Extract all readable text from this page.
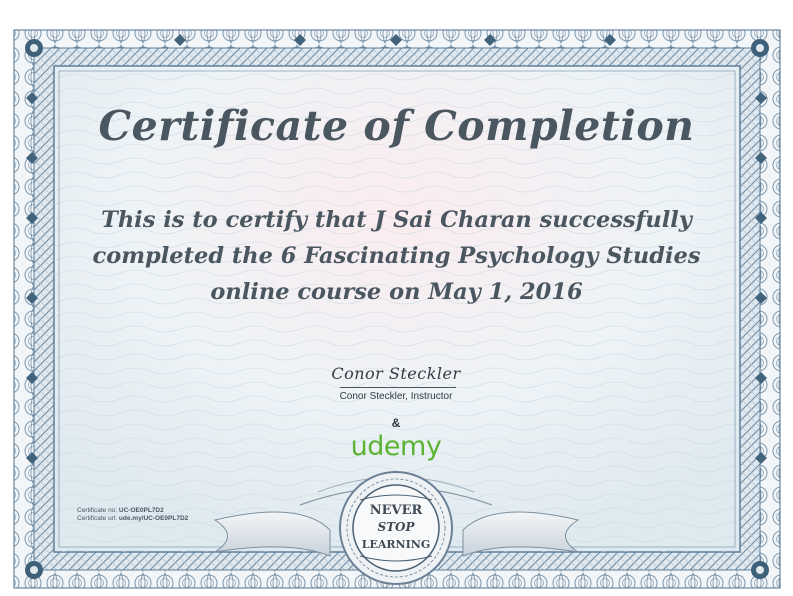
NEVER
STOP
LEARNING
Certificate of Completion
This is to certify that J Sai Charan successfully
completed the 6 Fascinating Psychology Studies
online course on May 1, 2016
Conor Steckler
Conor Steckler, Instructor
&
udemy
Certificate no: UC-OE0PL7D2
Certificate url: ude.my/UC-OE0PL7D2
